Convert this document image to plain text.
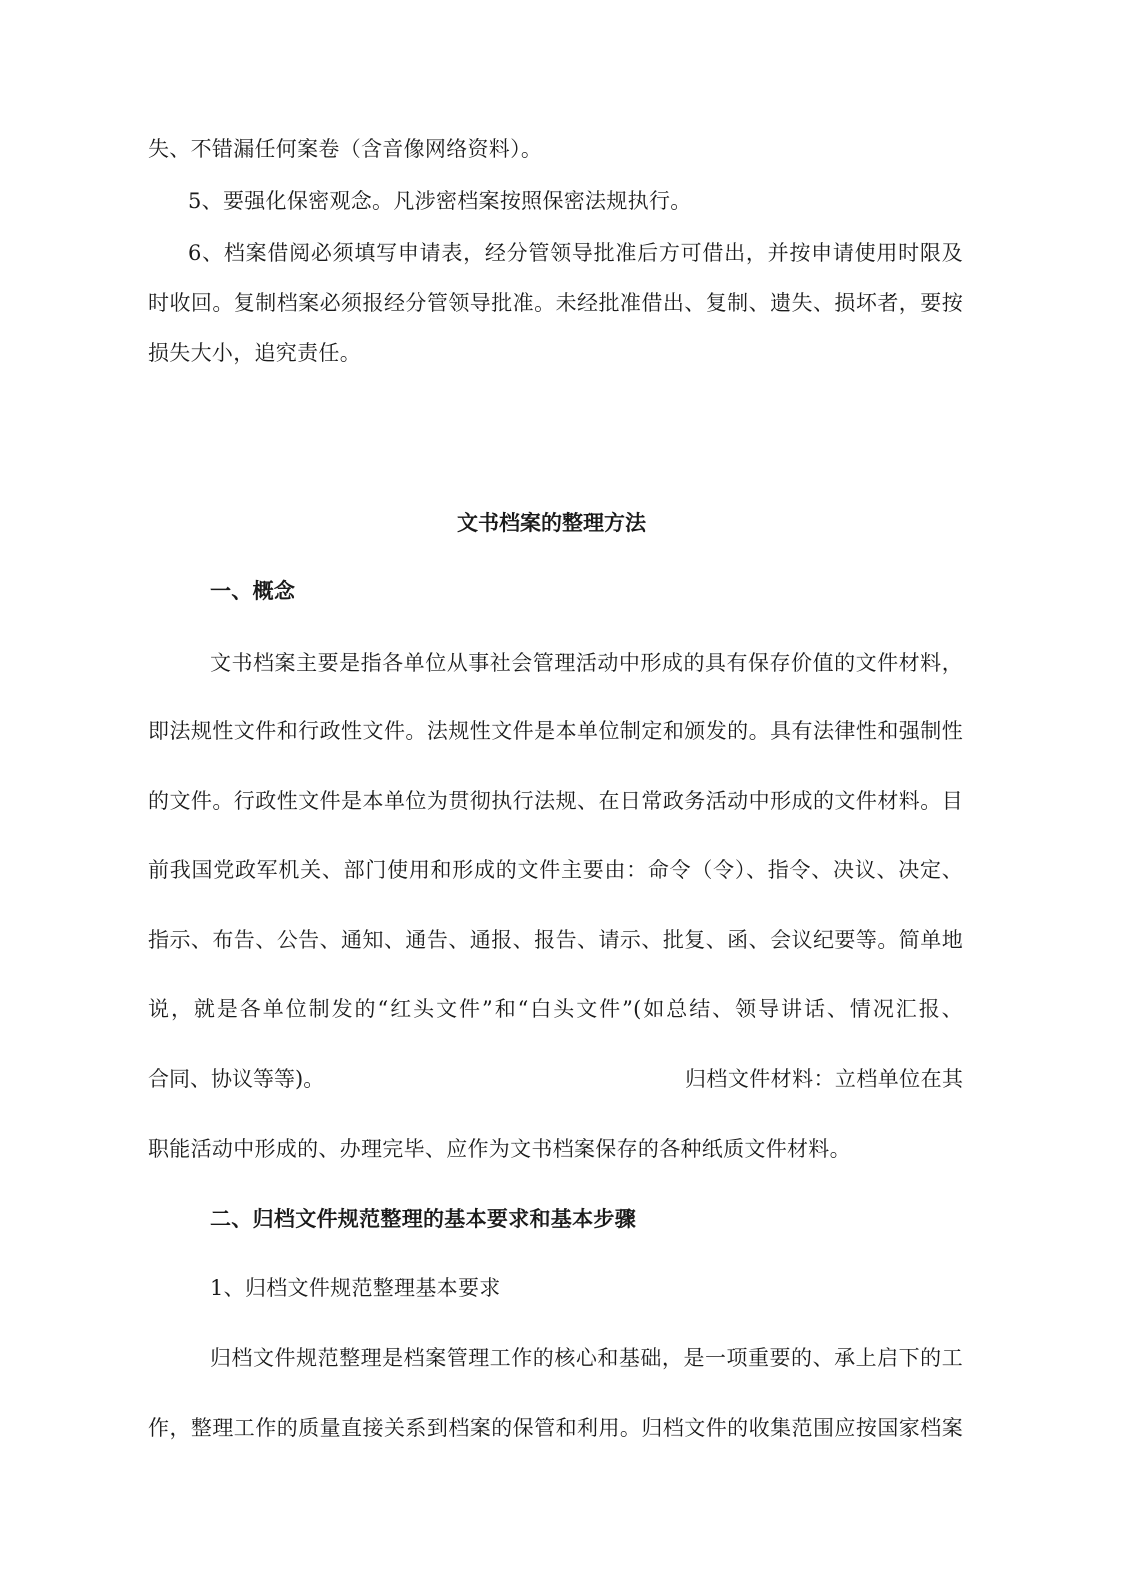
失、不错漏任何案卷（含音像网络资料）。
5、要强化保密观念。凡涉密档案按照保密法规执行。
6、档案借阅必须填写申请表，经分管领导批准后方可借出，并按申请使用时限及
时收回。复制档案必须报经分管领导批准。未经批准借出、复制、遗失、损坏者，要按
损失大小，追究责任。
文书档案的整理方法
一、概念
文书档案主要是指各单位从事社会管理活动中形成的具有保存价值的文件材料，
即法规性文件和行政性文件。法规性文件是本单位制定和颁发的。具有法律性和强制性
的文件。行政性文件是本单位为贯彻执行法规、在日常政务活动中形成的文件材料。目
前我国党政军机关、部门使用和形成的文件主要由：命令（令）、指令、决议、决定、
指示、布告、公告、通知、通告、通报、报告、请示、批复、函、会议纪要等。简单地
说，就是各单位制发的“红头文件”和“白头文件”(如总结、领导讲话、情况汇报、
合同、协议等等)。	归档文件材料：立档单位在其
职能活动中形成的、办理完毕、应作为文书档案保存的各种纸质文件材料。
二、归档文件规范整理的基本要求和基本步骤
1、归档文件规范整理基本要求
归档文件规范整理是档案管理工作的核心和基础，是一项重要的、承上启下的工
作，整理工作的质量直接关系到档案的保管和利用。归档文件的收集范围应按国家档案
